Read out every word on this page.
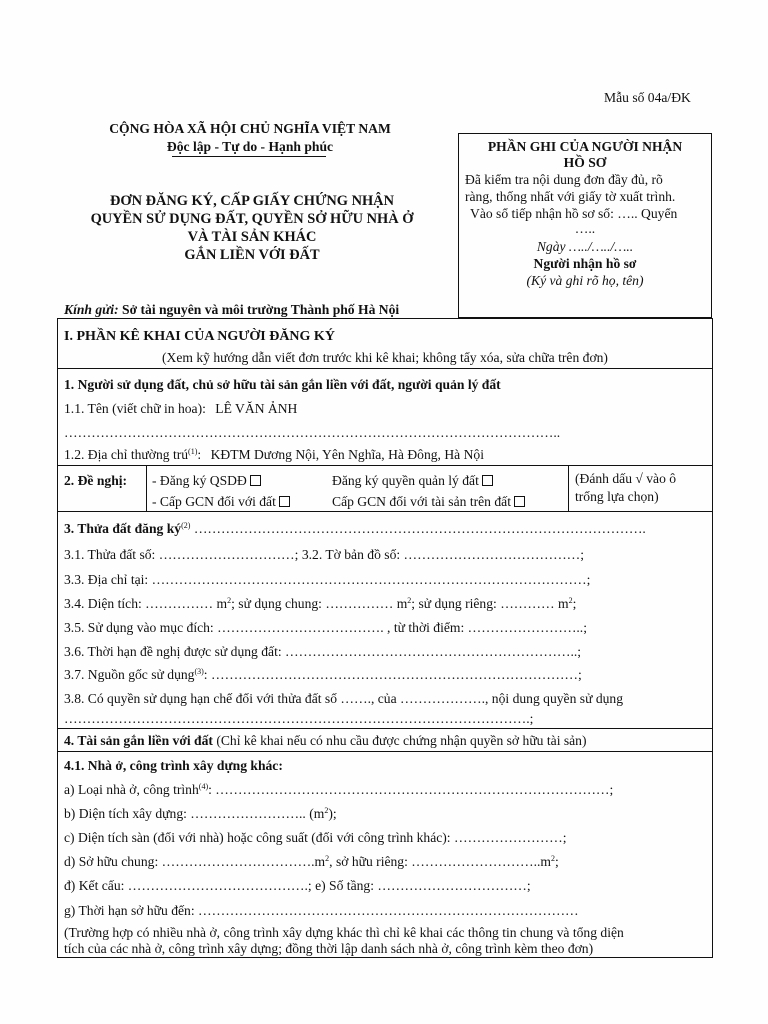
Mẫu số 04a/ĐK
CỘNG HÒA XÃ HỘI CHỦ NGHĨA VIỆT NAM
Độc lập - Tự do - Hạnh phúc
ĐƠN ĐĂNG KÝ, CẤP GIẤY CHỨNG NHẬN
QUYỀN SỬ DỤNG ĐẤT, QUYỀN SỞ HỮU NHÀ Ở
VÀ TÀI SẢN KHÁC
GẮN LIỀN VỚI ĐẤT
Kính gửi: Sở tài nguyên và môi trường Thành phố Hà Nội
PHẦN GHI CỦA NGƯỜI NHẬN
HỒ SƠ
Đã kiểm tra nội dung đơn đầy đủ, rõ
ràng, thống nhất với giấy tờ xuất trình.
Vào sổ tiếp nhận hồ sơ số: ….. Quyển
…..
Ngày …../…../…..
Người nhận hồ sơ
(Ký và ghi rõ họ, tên)
I. PHẦN KÊ KHAI CỦA NGƯỜI ĐĂNG KÝ
(Xem kỹ hướng dẫn viết đơn trước khi kê khai; không tẩy xóa, sửa chữa trên đơn)
1. Người sử dụng đất, chủ sở hữu tài sản gắn liền với đất, người quản lý đất
1.1. Tên (viết chữ in hoa): LÊ VĂN ẢNH
………………………………………………………………………………………………..
1.2. Địa chỉ thường trú$^{(1)}$: KĐTM Dương Nội, Yên Nghĩa, Hà Đông, Hà Nội
2. Đề nghị: - Đăng ký QSDĐ	Đăng ký quyền quản lý đất
- Cấp GCN đối với đất	Cấp GCN đối với tài sản trên đất
(Đánh dấu √ vào ô
trống lựa chọn)
3. Thửa đất đăng $ký^{(2)}$ ……………………………………………………………………………………….
3.1. Thửa đất số: …………………………; 3.2. Tờ bản đồ số: …………………………………;
3.3. Địa chỉ tại: ……………………………………………………………………………………;
3.4. Diện tích: …………… $m^2$; sử dụng chung: …………… $m^2$; sử dụng riêng: ………… $m^2$;
3.5. Sử dụng vào mục đích: ………………………………. , từ thời điểm: ……………………..;
3.6. Thời hạn đề nghị được sử dụng đất: ………………………………………………………..;
3.7. Nguồn gốc sử dụng$^{(3)}$: ………………………………………………………………………;
3.8. Có quyền sử dụng hạn chế đối với thửa đất số ……., của ………………., nội dung quyền sử dụng
………………………………………………………………………………………….;
4. Tài sản gắn liền với đất (Chỉ kê khai nếu có nhu cầu được chứng nhận quyền sở hữu tài sản)
4.1. Nhà ở, công trình xây dựng khác:
a) Loại nhà ở, công trình$^{(4)}$: ……………………………………………………………………………;
b) Diện tích xây dựng: …………………….. $(m^2)$;
c) Diện tích sàn (đối với nhà) hoặc công suất (đối với công trình khác): ……………………;
d) Sở hữu chung: $\dots\dots\dots\dots\dots\dots\dots\dots\dots\dots\dots.m^2$, sở hữu riêng: $\dots\dots\dots\dots\dots\dots\dots\dots\dots..m^2$;
đ) Kết cấu: ………………………………….; e) Số tầng: ……………………………;
g) Thời hạn sở hữu đến: …………………………………………………………………………
(Trường hợp có nhiều nhà ở, công trình xây dựng khác thì chỉ kê khai các thông tin chung và tổng diện
tích của các nhà ở, công trình xây dựng; đồng thời lập danh sách nhà ở, công trình kèm theo đơn)
